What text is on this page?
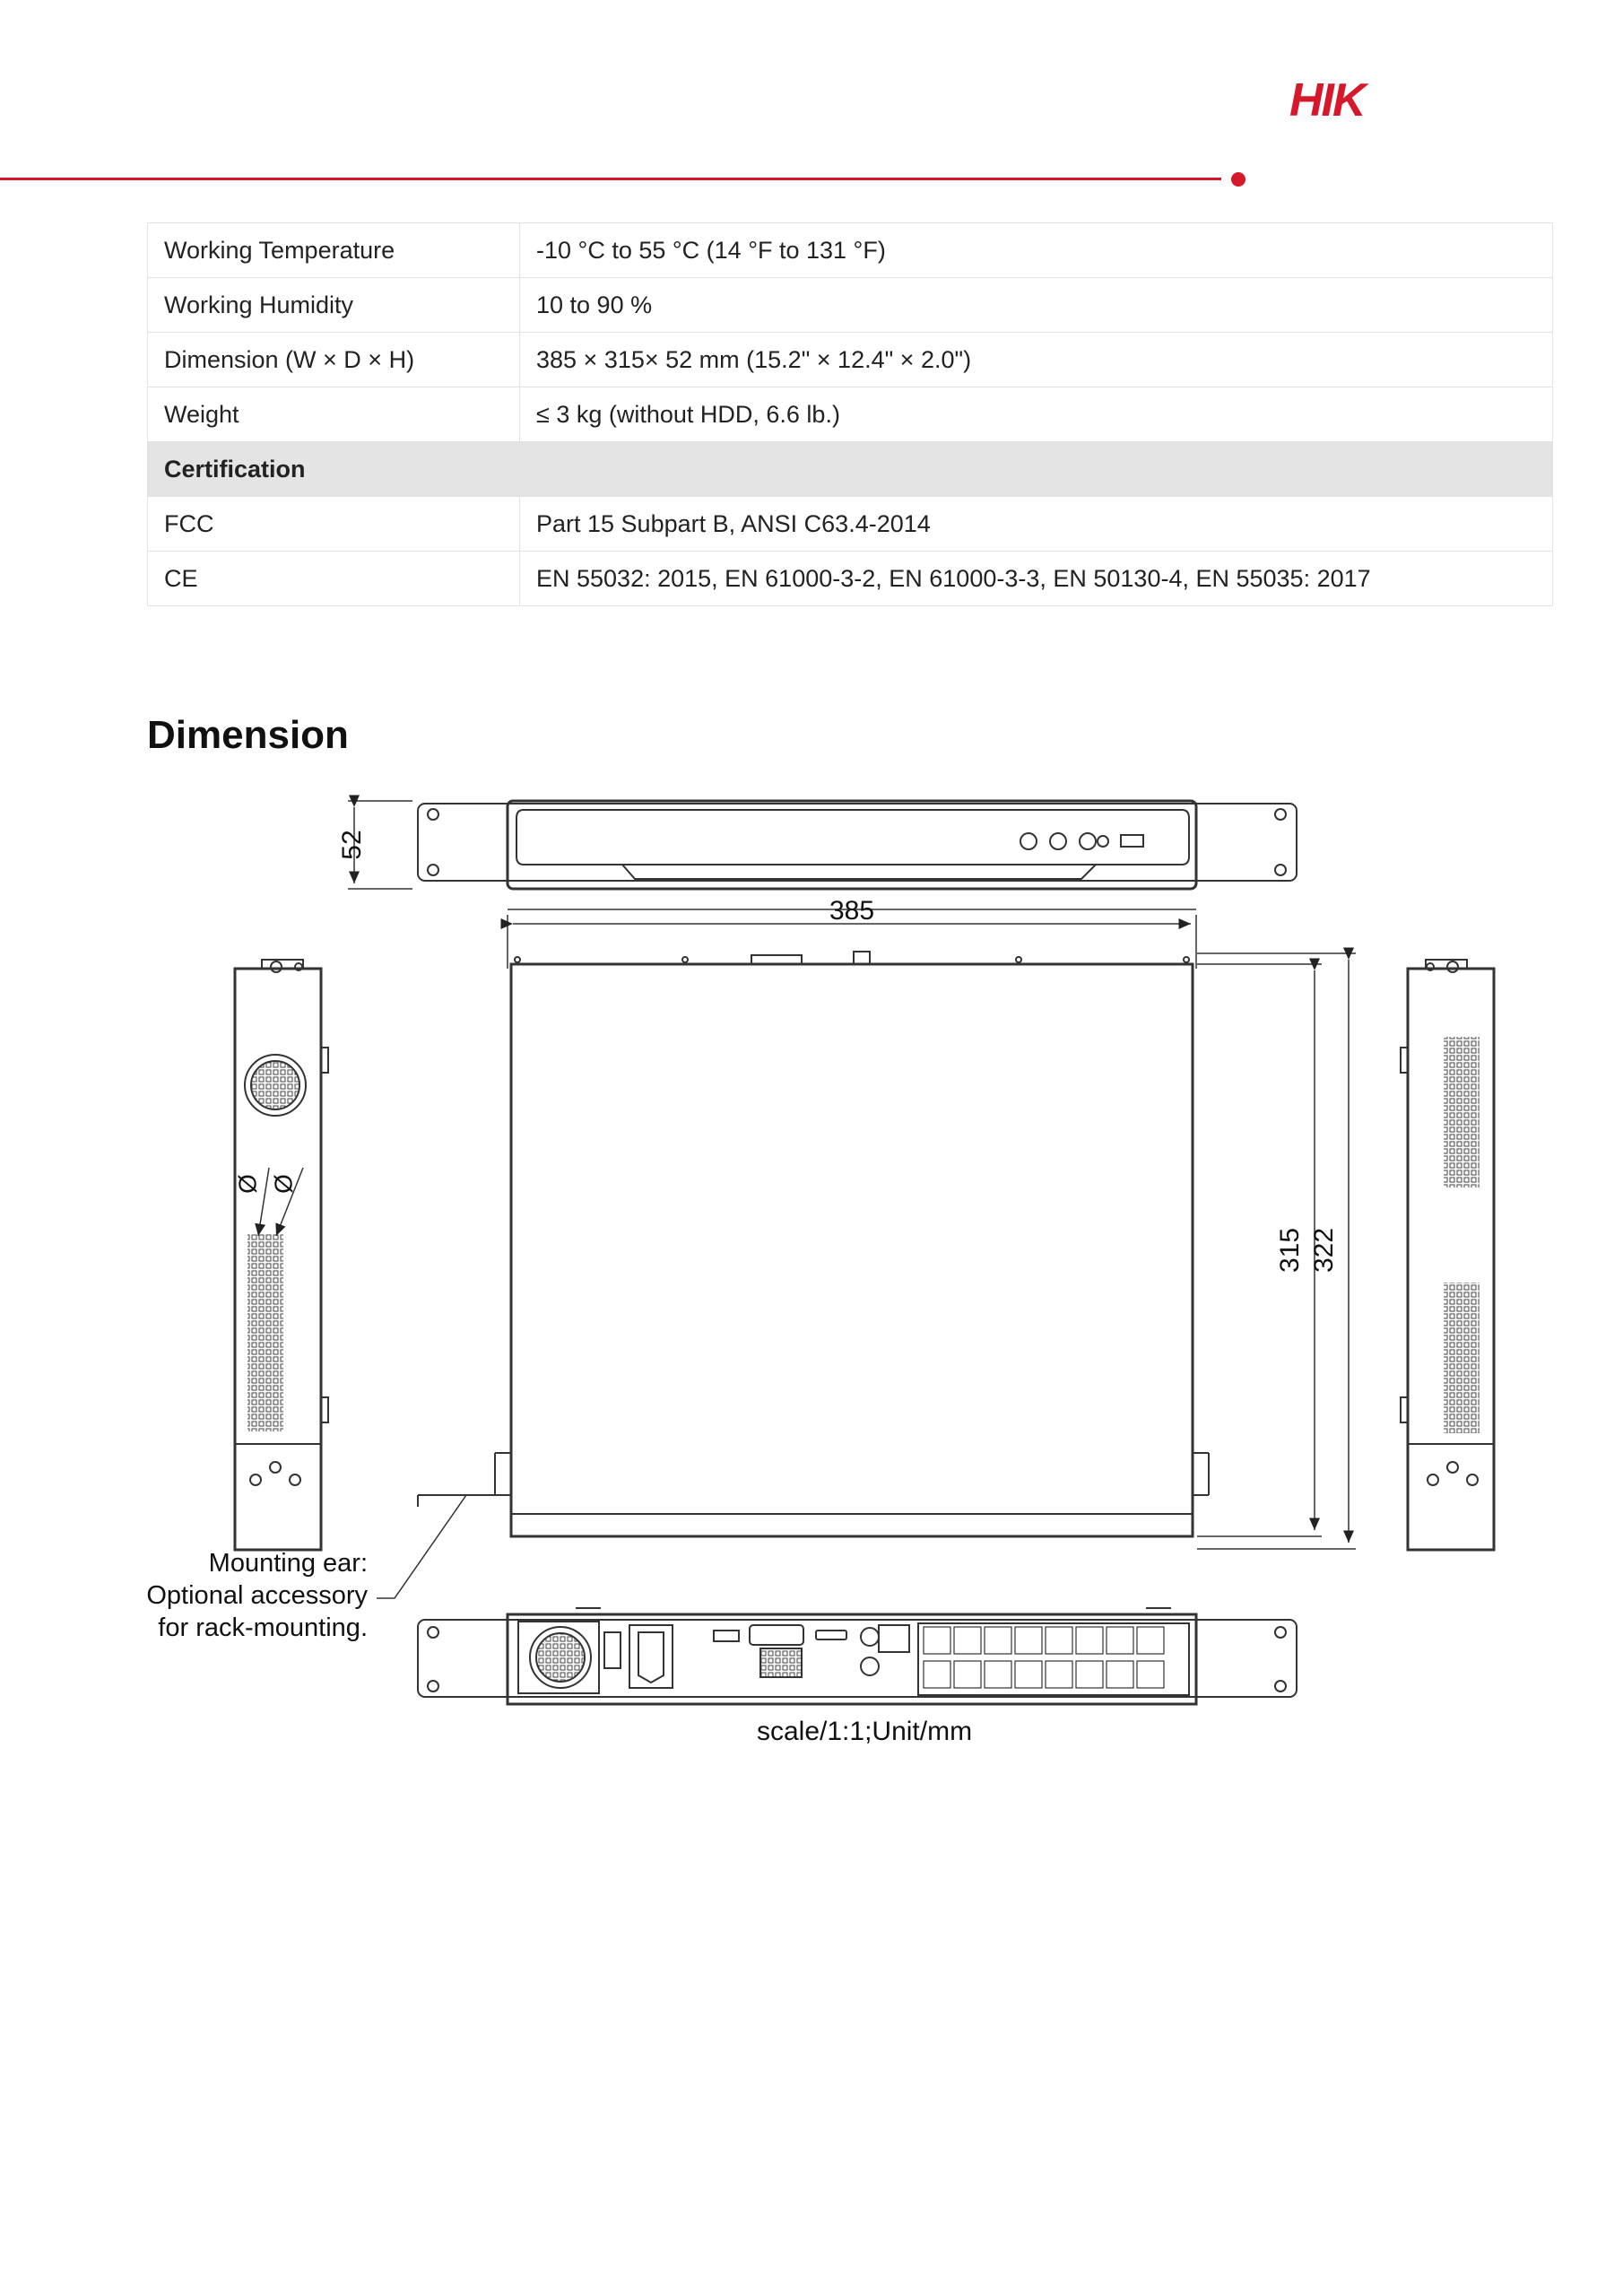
HIK
Working Temperature	-10 °C to 55 °C (14 °F to 131 °F)
Working Humidity	10 to 90 %
Dimension (W × D × H)	385 × 315× 52 mm (15.2" × 12.4" × 2.0")
Weight	≤ 3 kg (without HDD, 6.6 lb.)
Certification	
FCC	Part 15 Subpart B, ANSI C63.4-2014
CE	EN 55032: 2015, EN 61000-3-2, EN 61000-3-3, EN 50130-4, EN 55035: 2017
Dimension
52
385
315 322
Ø Ø
Mounting ear:
Optional accessory
for rack-mounting.
scale/1:1;Unit/mm
